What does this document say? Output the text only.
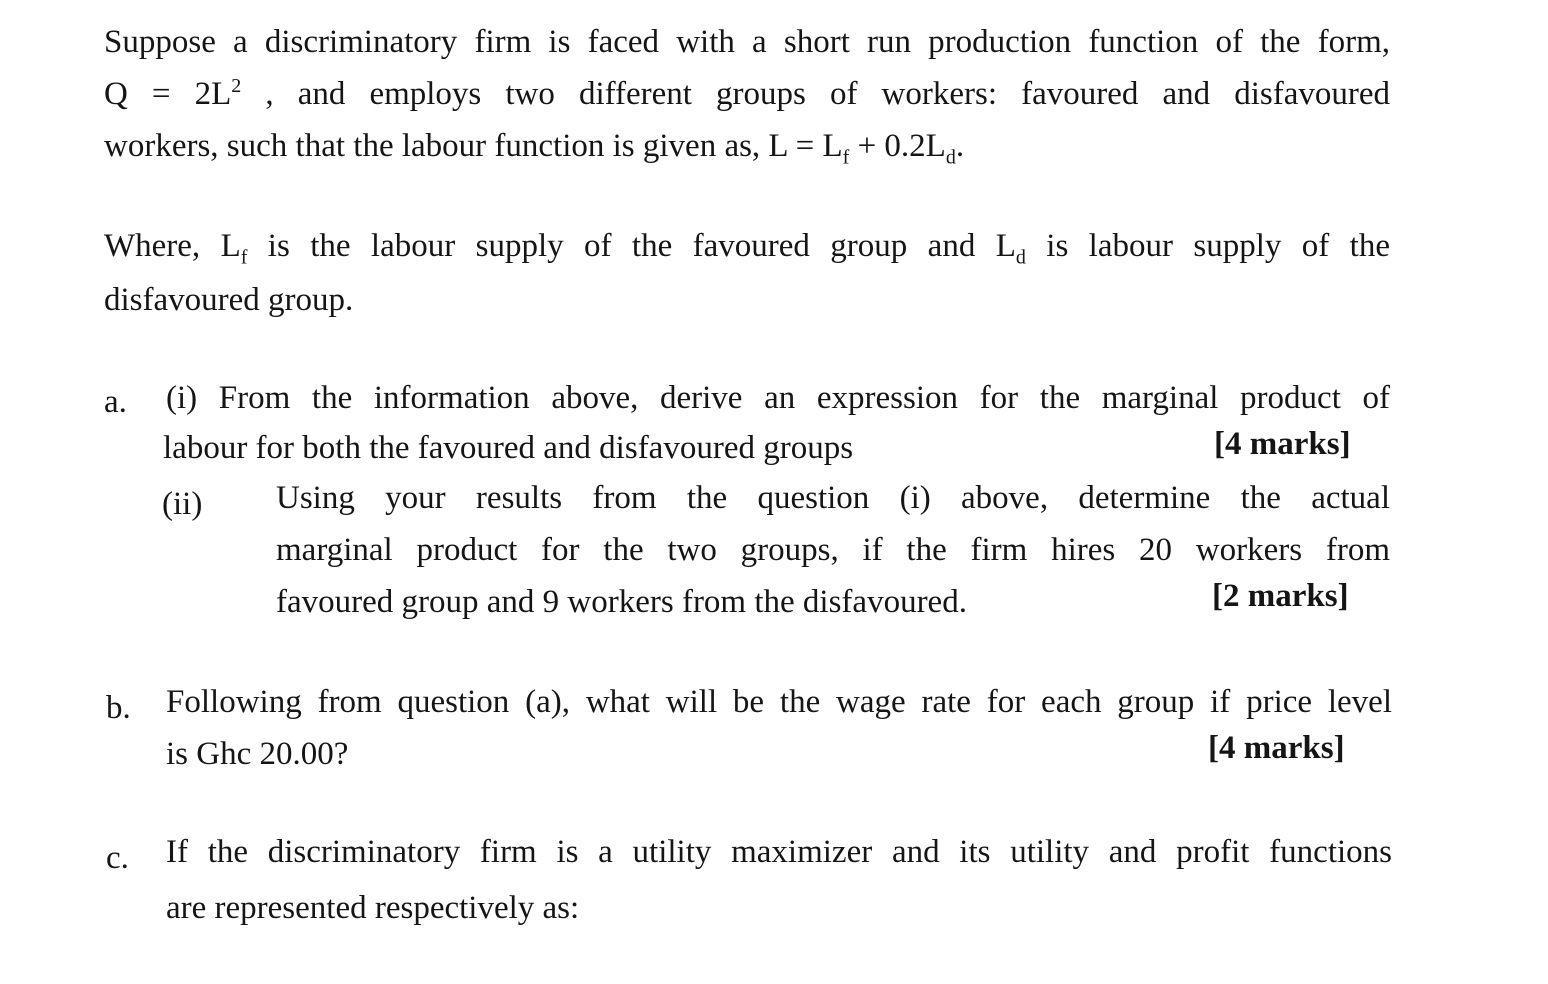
Suppose a discriminatory firm is faced with a short run production function of the form,
$Q = 2L^2$ , and employs two different groups of workers: favoured and disfavoured
workers, such that the labour function is given as, $L = L_f + 0.2L_d$.
Where, $L_f$ is the labour supply of the favoured group and $L_d$ is labour supply of the
disfavoured group.
a. (i) From the information above, derive an expression for the marginal product of
labour for both the favoured and disfavoured groups	[4 marks]
(ii) Using your results from the question (i) above, determine the actual
marginal product for the two groups, if the firm hires 20 workers from
favoured group and 9 workers from the disfavoured.	[2 marks]
b. Following from question (a), what will be the wage rate for each group if price level
is Ghc 20.00?	[4 marks]
c. If the discriminatory firm is a utility maximizer and its utility and profit functions
are represented respectively as:
